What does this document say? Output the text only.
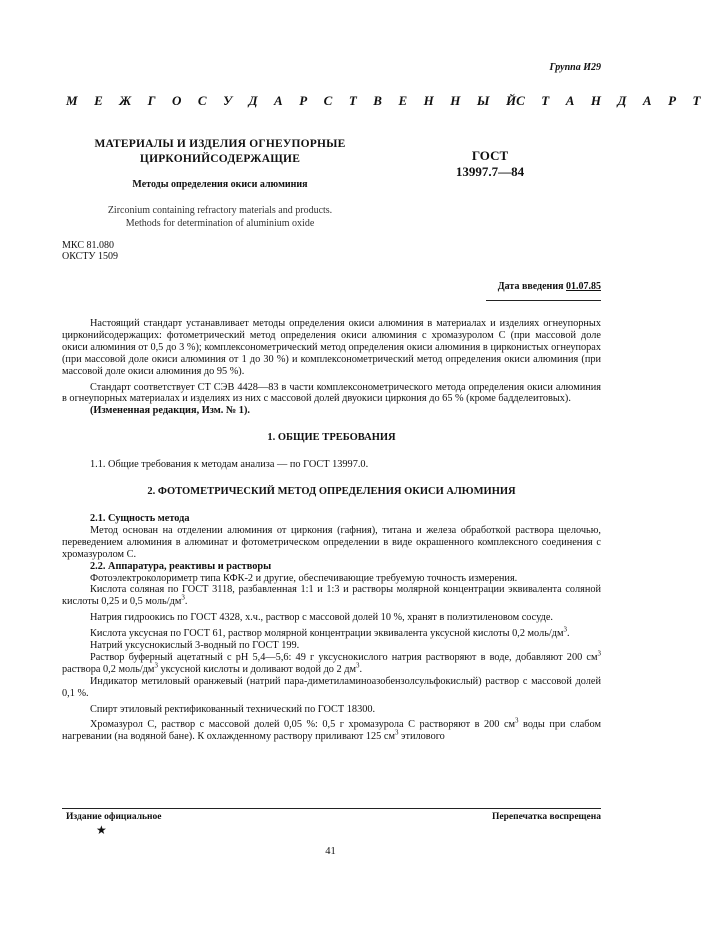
Группа И29
М Е Ж Г О С У Д А Р С Т В Е Н Н Ы Й С Т А Н Д А Р Т
МАТЕРИАЛЫ И ИЗДЕЛИЯ ОГНЕУПОРНЫЕ
ЦИРКОНИЙСОДЕРЖАЩИЕ
Методы определения окиси алюминия
Zirconium containing refractory materials and products.
Methods for determination of aluminium oxide
ГОСТ
13997.7—84
МКС 81.080
ОКСТУ 1509
Дата введения 01.07.85

Настоящий стандарт устанавливает методы определения окиси алюминия в материалах и изделиях огнеупорных цирконийсодержащих: фотометрический метод определения окиси алюминия с хромазуролом С (при массовой доле окиси алюминия от 0,5 до 3 %); комплексонометрический метод определения окиси алюминия в цирконистых огнеупорах (при массовой доле окиси алюминия от 1 до 30 %) и комплексонометрический метод определения окиси алюминия (при массовой доле окиси алюминия до 95 %).

Стандарт соответствует СТ СЭВ 4428—83 в части комплексонометрического метода определения окиси алюминия в огнеупорных материалах и изделиях из них с массовой долей двуокиси циркония до 65 % (кроме бадделеитовых).

(Измененная редакция, Изм. № 1).

1. ОБЩИЕ ТРЕБОВАНИЯ

1.1. Общие требования к методам анализа — по ГОСТ 13997.0.

2. ФОТОМЕТРИЧЕСКИЙ МЕТОД ОПРЕДЕЛЕНИЯ ОКИСИ АЛЮМИНИЯ

2.1. Сущность метода

Метод основан на отделении алюминия от циркония (гафния), титана и железа обработкой раствора щелочью, переведением алюминия в алюминат и фотометрическом определении в виде окрашенного комплексного соединения с хромазуролом С.

2.2. Аппаратура, реактивы и растворы

Фотоэлектроколориметр типа КФК-2 и другие, обеспечивающие требуемую точность измерения.

Кислота соляная по ГОСТ 3118, разбавленная 1:1 и 1:3 и растворы молярной концентрации эквивалента соляной кислоты 0,25 и 0,5 моль/$дм^3$.

Натрия гидроокись по ГОСТ 4328, х.ч., раствор с массовой долей 10 %, хранят в полиэтиленовом сосуде.

Кислота уксусная по ГОСТ 61, раствор молярной концентрации эквивалента уксусной кислоты 0,2 моль/$дм^3$.

Натрий уксуснокислый 3-водный по ГОСТ 199.

Раствор буферный ацетатный с рН 5,4—5,6: 49 г уксуснокислого натрия растворяют в воде, добавляют 200 $см^3$ раствора 0,2 моль/$дм^3$ уксусной кислоты и доливают водой до 2 $дм^3$.

Индикатор метиловый оранжевый (натрий пара-диметиламиноазобензолсульфокислый) раствор с массовой долей 0,1 %.

Спирт этиловый ректификованный технический по ГОСТ 18300.

Хромазурол С, раствор с массовой долей 0,05 %: 0,5 г хромазурола С растворяют в 200 $см^3$ воды при слабом нагревании (на водяной бане). К охлажденному раствору приливают 125 $см^3$ этилового

Издание официальное
★
Перепечатка воспрещена
41
